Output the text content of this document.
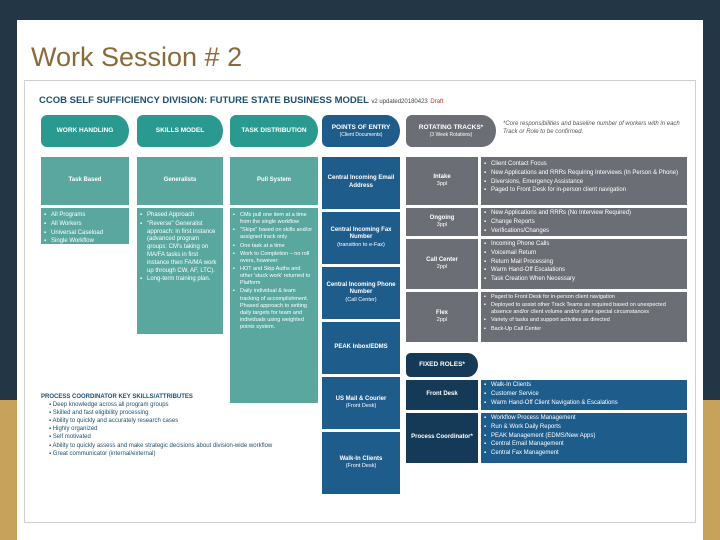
Work Session # 2
CCOB SELF SUFFICIENCY DIVISION: FUTURE STATE BUSINESS MODEL v2 updated20180423 Draft
*Core responsibilities and baseline number of workers with in each Track or Role to be confirmed.
WORK HANDLING	SKILLS MODEL	TASK DISTRIBUTION	POINTS OF ENTRY
(Client Documents)
ROTATING TRACKS*
(3 Week Rotations)
Task Based
▪ All Programs
▪ All Workers
▪ Universal Caseload
▪ Single Workflow
Generalists
▪ Phased Approach
▪ "Reverse" Generalist approach: in first instance (advanced program groups: CM's taking on MA/FA tasks in first instance then FA/MA work up through CW, AF, LTC).
▪ Long-term training plan.
Pull System
▪ CMs pull one item at a time from the single workflow
▪ "Skips" based on skills and/or assigned track only
▪ One task at a time
▪ Work to Completion – no roll overs, however:
▪ HOT and Skip Auths and other 'stuck work' returned to Platform
▪ Daily individual & team tracking of accomplishment. Phased approach to setting daily targets for team and individuals using weighted points system.
Central Incoming Email Address
Central Incoming Fax Number
(transition to e-Fax)
Central Incoming Phone Number
(Call Center)
PEAK Inbox/EDMS
US Mail & Courier
(Front Desk)
Walk-In Clients
(Front Desk)
Intake
3ppl
▪ Client Contact Focus
▪ New Applications and RRRs Requiring Interviews (In Person & Phone)
▪ Diversions, Emergency Assistance
▪ Paged to Front Desk for in-person client navigation
Ongoing
3ppl
▪ New Applications and RRRs (No Interview Required)
▪ Change Reports
▪ Verifications/Changes
Call Center
2ppl
▪ Incoming Phone Calls
▪ Voicemail Return
▪ Return Mail Processing
▪ Warm Hand-Off Escalations
▪ Task Creation When Necessary
Flex
2ppl
▪ Paged to Front Desk for in-person client navigation
▪ Deployed to assist other Track Teams as required based on unexpected absence and/or client volume and/or other special circumstances
▪ Variety of tasks and support activities as directed
▪ Back-Up Call Center
FIXED ROLES*
Front Desk
▪ Walk-In Clients
▪ Customer Service
▪ Warm Hand-Off Client Navigation & Escalations
Process Coordinator*
▪ Workflow Process Management
▪ Run & Work Daily Reports
▪ PEAK Management (EDMS/New Apps)
▪ Central Email Management
▪ Central Fax Management
PROCESS COORDINATOR KEY SKILLS/ATTRIBUTES
▪ Deep knowledge across all program groups
▪ Skilled and fast eligibility processing
▪ Ability to quickly and accurately research cases
▪ Highly organized
▪ Self motivated
▪ Ability to quickly assess and make strategic decisions about division-wide workflow
▪ Great communicator (internal/external)
